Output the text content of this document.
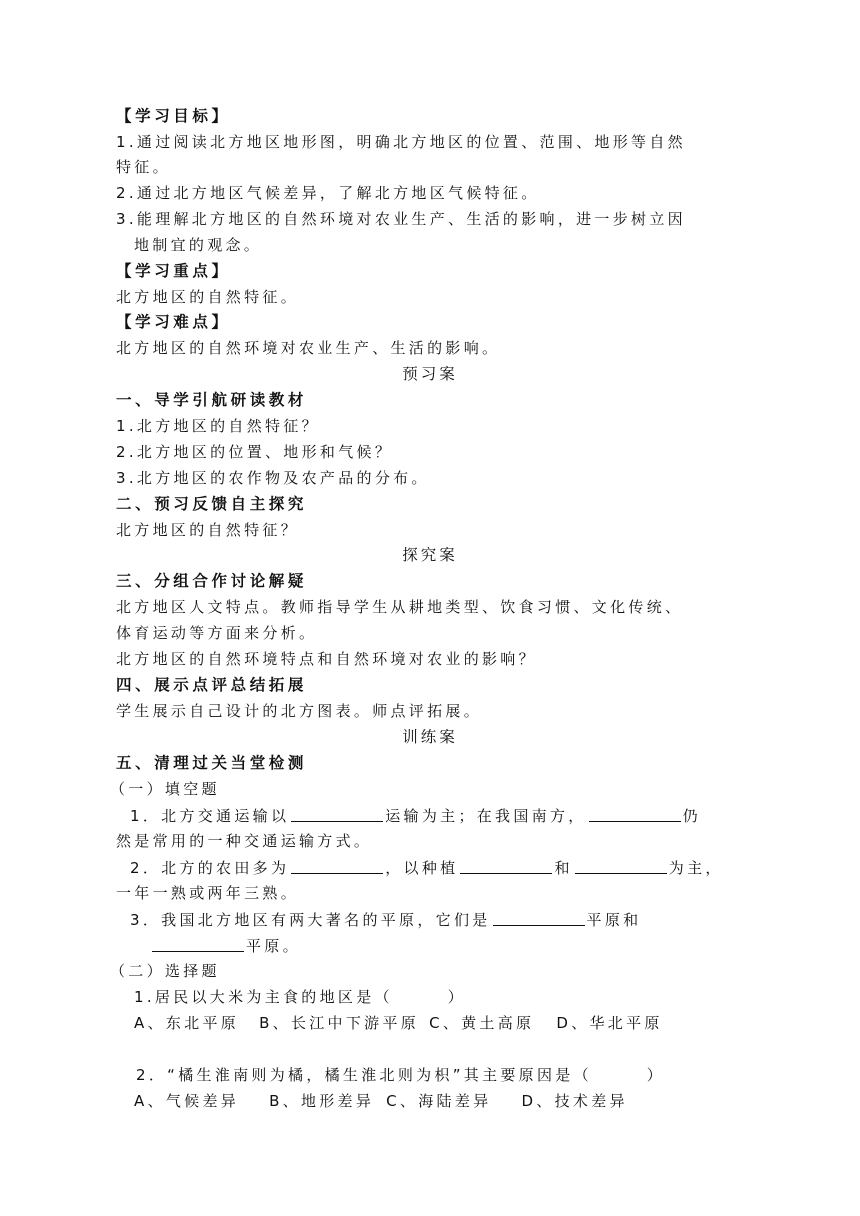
【学习目标】
1.通过阅读北方地区地形图，明确北方地区的位置、范围、地形等自然
特征。
2.通过北方地区气候差异，了解北方地区气候特征。
3.能理解北方地区的自然环境对农业生产、生活的影响，进一步树立因
地制宜的观念。
【学习重点】
北方地区的自然特征。
【学习难点】
北方地区的自然环境对农业生产、生活的影响。
预习案
一、导学引航研读教材
1.北方地区的自然特征？
2.北方地区的位置、地形和气候？
3.北方地区的农作物及农产品的分布。
二、预习反馈自主探究
北方地区的自然特征？
探究案
三、分组合作讨论解疑
北方地区人文特点。教师指导学生从耕地类型、饮食习惯、文化传统、
体育运动等方面来分析。
北方地区的自然环境特点和自然环境对农业的影响？
四、展示点评总结拓展
学生展示自己设计的北方图表。师点评拓展。
训练案
五、清理过关当堂检测
（一）填空题
1．北方交通运输以	运输为主；在我国南方，	仍
然是常用的一种交通运输方式。
2．北方的农田多为	，以种植	和	为主，
一年一熟或两年三熟。
3．我国北方地区有两大著名的平原，它们是	平原和
平原。
（二）选择题
1.居民以大米为主食的地区是（　　　）
A、东北平原 B、长江中下游平原 C、黄土高原 D、华北平原
2．“橘生淮南则为橘，橘生淮北则为枳”其主要原因是（　　　）
A、气候差异 B、地形差异 C、海陆差异 D、技术差异
